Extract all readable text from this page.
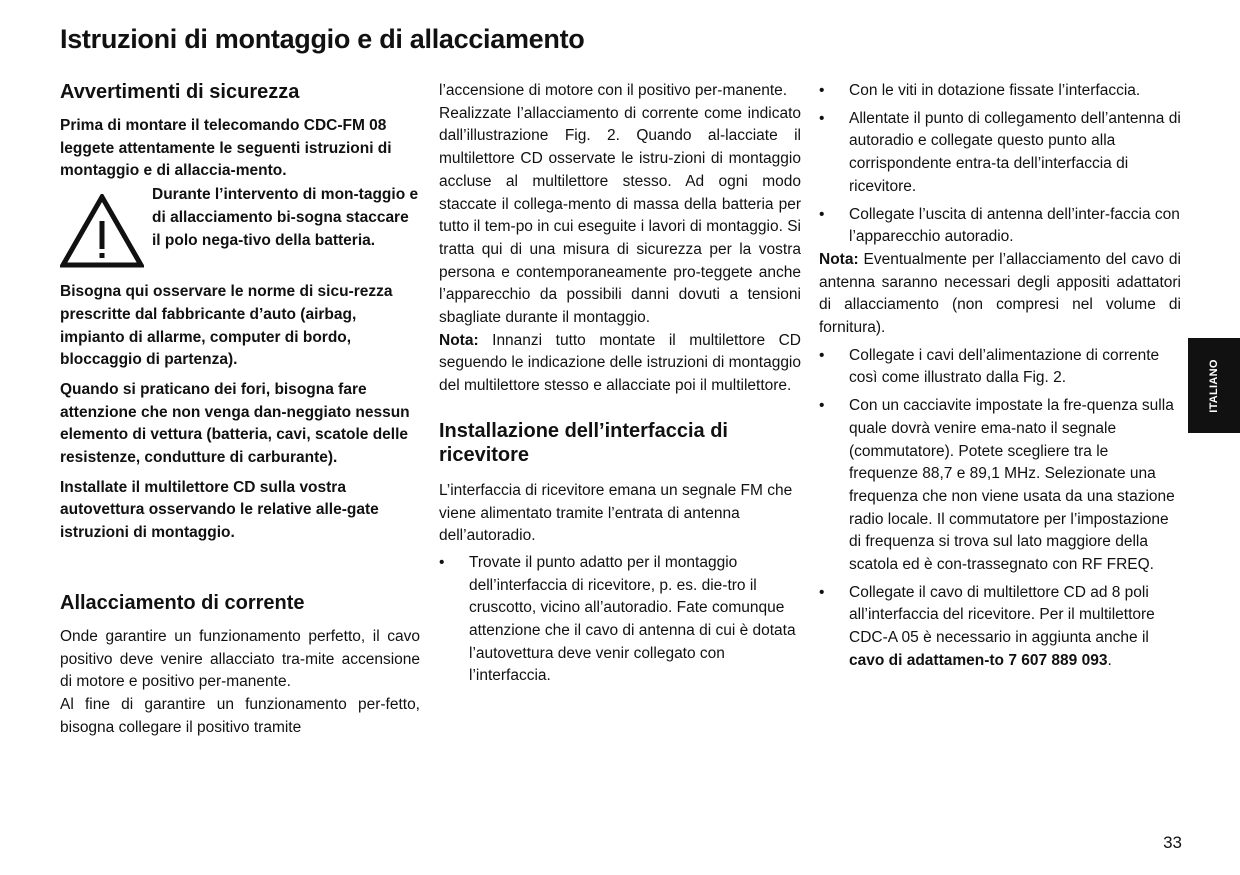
Istruzioni di montaggio e di allacciamento
Avvertimenti di sicurezza

Prima di montare il telecomando CDC-FM 08 leggete attentamente le seguenti istruzioni di montaggio e di allaccia-mento.

Durante l’intervento di mon-taggio e di allacciamento bi-sogna staccare il polo nega-tivo della batteria.

Bisogna qui osservare le norme di sicu-rezza prescritte dal fabbricante d’auto (airbag, impianto di allarme, computer di bordo, bloccaggio di partenza).

Quando si praticano dei fori, bisogna fare attenzione che non venga dan-neggiato nessun elemento di vettura (batteria, cavi, scatole delle resistenze, condutture di carburante).

Installate il multilettore CD sulla vostra autovettura osservando le relative alle-gate istruzioni di montaggio.

Allacciamento di corrente

Onde garantire un funzionamento perfetto, il cavo positivo deve venire allacciato tra-mite accensione di motore e positivo per-manente.

Al fine di garantire un funzionamento per-fetto, bisogna collegare il positivo tramite

l’accensione di motore con il positivo per-manente.

Realizzate l’allacciamento di corrente come indicato dall’illustrazione Fig. 2. Quando al-lacciate il multilettore CD osservate le istru-zioni di montaggio accluse al multilettore stesso. Ad ogni modo staccate il collega-mento di massa della batteria per tutto il tem-po in cui eseguite i lavori di montaggio. Si tratta qui di una misura di sicurezza per la vostra persona e contemporaneamente pro-teggete anche l’apparecchio da possibili danni dovuti a tensioni sbagliate durante il montaggio.

Nota: Innanzi tutto montate il multilettore CD seguendo le indicazione delle istruzioni di montaggio del multilettore stesso e allacciate poi il multilettore.

Installazione dell’interfaccia di ricevitore

L’interfaccia di ricevitore emana un segnale FM che viene alimentato tramite l’entrata di antenna dell’autoradio.

• Trovate il punto adatto per il montaggio dell’interfaccia di ricevitore, p. es. die-tro il cruscotto, vicino all’autoradio. Fate comunque attenzione che il cavo di antenna di cui è dotata l’autovettura deve venir collegato con l’interfaccia.
• Con le viti in dotazione fissate l’interfaccia.
• Allentate il punto di collegamento dell’antenna di autoradio e collegate questo punto alla corrispondente entra-ta dell’interfaccia di ricevitore.
• Collegate l’uscita di antenna dell’inter-faccia con l’apparecchio autoradio.

Nota: Eventualmente per l’allacciamento del cavo di antenna saranno necessari degli appositi adattatori di allacciamento (non compresi nel volume di fornitura).

• Collegate i cavi dell’alimentazione di corrente così come illustrato dalla Fig. 2.
• Con un cacciavite impostate la fre-quenza sulla quale dovrà venire ema-nato il segnale (commutatore). Potete scegliere tra le frequenze 88,7 e 89,1 MHz. Selezionate una frequenza che non viene usata da una stazione radio locale. Il commutatore per l’impostazione di frequenza si trova sul lato maggiore della scatola ed è con-trassegnato con RF FREQ.
• Collegate il cavo di multilettore CD ad 8 poli all’interfaccia del ricevitore. Per il multilettore CDC-A 05 è necessario in aggiunta anche il cavo di adattamen-to 7 607 889 093.
ITALIANO
33
